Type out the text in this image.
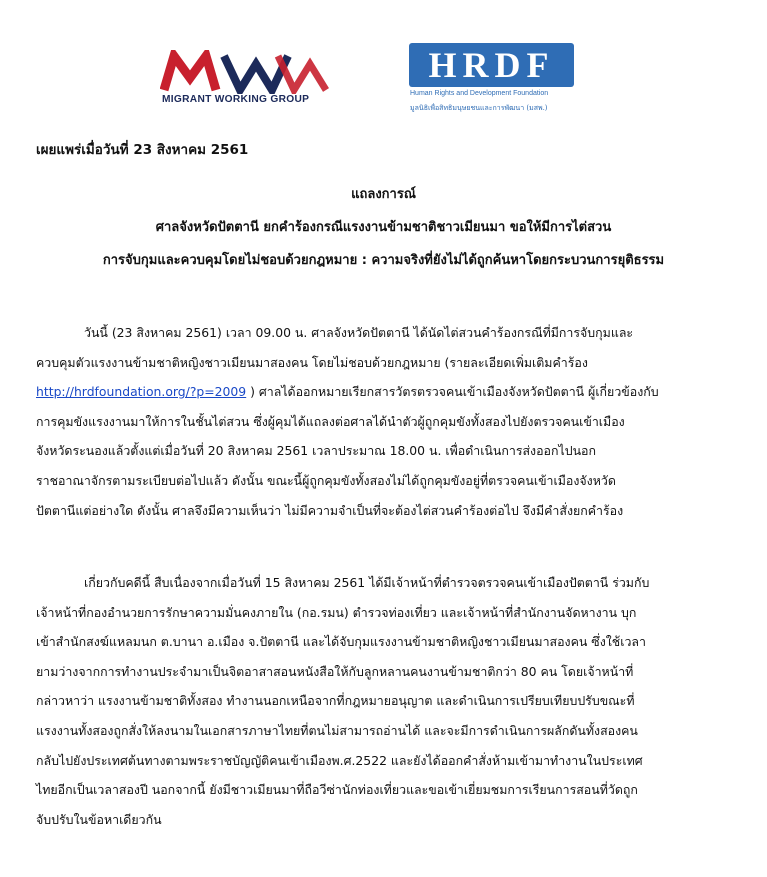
MIGRANT WORKING GROUP
HRDF
Human Rights and Development Foundation
มูลนิธิเพื่อสิทธิมนุษยชนและการพัฒนา (มสพ.)
เผยแพร่เมื่อวันที่ 23 สิงหาคม 2561
แถลงการณ์
ศาลจังหวัดปัตตานี ยกคำร้องกรณีแรงงานข้ามชาติชาวเมียนมา ขอให้มีการไต่สวน
การจับกุมและควบคุมโดยไม่ชอบด้วยกฎหมาย : ความจริงที่ยังไม่ได้ถูกค้นหาโดยกระบวนการยุติธรรม
วันนี้ (23 สิงหาคม 2561) เวลา 09.00 น. ศาลจังหวัดปัตตานี ได้นัดไต่สวนคำร้องกรณีที่มีการจับกุมและ
ควบคุมตัวแรงงานข้ามชาติหญิงชาวเมียนมาสองคน โดยไม่ชอบด้วยกฎหมาย (รายละเอียดเพิ่มเติมคำร้อง
http://hrdfoundation.org/?p=2009 ) ศาลได้ออกหมายเรียกสารวัตรตรวจคนเข้าเมืองจังหวัดปัตตานี ผู้เกี่ยวข้องกับ
การคุมขังแรงงานมาให้การในชั้นไต่สวน ซึ่งผู้คุมได้แถลงต่อศาลได้นำตัวผู้ถูกคุมขังทั้งสองไปยังตรวจคนเข้าเมือง
จังหวัดระนองแล้วตั้งแต่เมื่อวันที่ 20 สิงหาคม 2561 เวลาประมาณ 18.00 น. เพื่อดำเนินการส่งออกไปนอก
ราชอาณาจักรตามระเบียบต่อไปแล้ว ดังนั้น ขณะนี้ผู้ถูกคุมขังทั้งสองไม่ได้ถูกคุมขังอยู่ที่ตรวจคนเข้าเมืองจังหวัด
ปัตตานีแต่อย่างใด ดังนั้น ศาลจึงมีความเห็นว่า ไม่มีความจำเป็นที่จะต้องไต่สวนคำร้องต่อไป จึงมีคำสั่งยกคำร้อง
เกี่ยวกับคดีนี้ สืบเนื่องจากเมื่อวันที่ 15 สิงหาคม 2561 ได้มีเจ้าหน้าที่ตำรวจตรวจคนเข้าเมืองปัตตานี ร่วมกับ
เจ้าหน้าที่กองอำนวยการรักษาความมั่นคงภายใน (กอ.รมน) ตำรวจท่องเที่ยว และเจ้าหน้าที่สำนักงานจัดหางาน บุก
เข้าสำนักสงฆ์แหลมนก ต.บานา อ.เมือง จ.ปัตตานี และได้จับกุมแรงงานข้ามชาติหญิงชาวเมียนมาสองคน ซึ่งใช้เวลา
ยามว่างจากการทำงานประจำมาเป็นจิตอาสาสอนหนังสือให้กับลูกหลานคนงานข้ามชาติกว่า 80 คน โดยเจ้าหน้าที่
กล่าวหาว่า แรงงานข้ามชาติทั้งสอง ทำงานนอกเหนือจากที่กฎหมายอนุญาต และดำเนินการเปรียบเทียบปรับขณะที่
แรงงานทั้งสองถูกสั่งให้ลงนามในเอกสารภาษาไทยที่ตนไม่สามารถอ่านได้ และจะมีการดำเนินการผลักดันทั้งสองคน
กลับไปยังประเทศต้นทางตามพระราชบัญญัติคนเข้าเมืองพ.ศ.2522 และยังได้ออกคำสั่งห้ามเข้ามาทำงานในประเทศ
ไทยอีกเป็นเวลาสองปี นอกจากนี้ ยังมีชาวเมียนมาที่ถือวีซ่านักท่องเที่ยวและขอเข้าเยี่ยมชมการเรียนการสอนที่วัดถูก
จับปรับในข้อหาเดียวกัน
